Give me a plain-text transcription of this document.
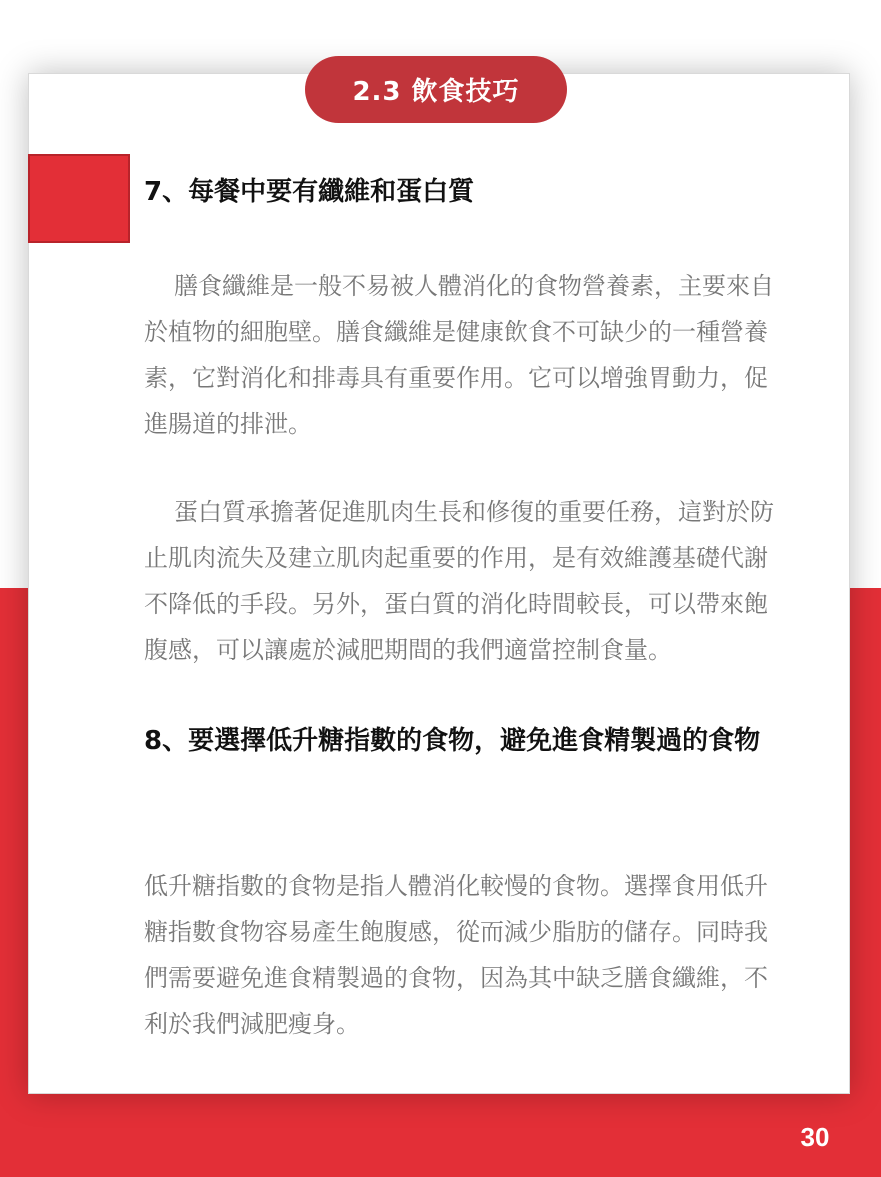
2.3 飲食技巧
7、每餐中要有纖維和蛋白質

膳食纖維是一般不易被人體消化的食物營養素，主要來自於植物的細胞壁。膳食纖維是健康飲食不可缺少的一種營養素，它對消化和排毒具有重要作用。它可以增強胃動力，促進腸道的排泄。

蛋白質承擔著促進肌肉生長和修復的重要任務，這對於防止肌肉流失及建立肌肉起重要的作用，是有效維護基礎代謝不降低的手段。另外，蛋白質的消化時間較長，可以帶來飽腹感，可以讓處於減肥期間的我們適當控制食量。

8、要選擇低升糖指數的食物，避免進食精製過的食物

低升糖指數的食物是指人體消化較慢的食物。選擇食用低升糖指數食物容易產生飽腹感，從而減少脂肪的儲存。同時我們需要避免進食精製過的食物，因為其中缺乏膳食纖維，不利於我們減肥瘦身。

30
